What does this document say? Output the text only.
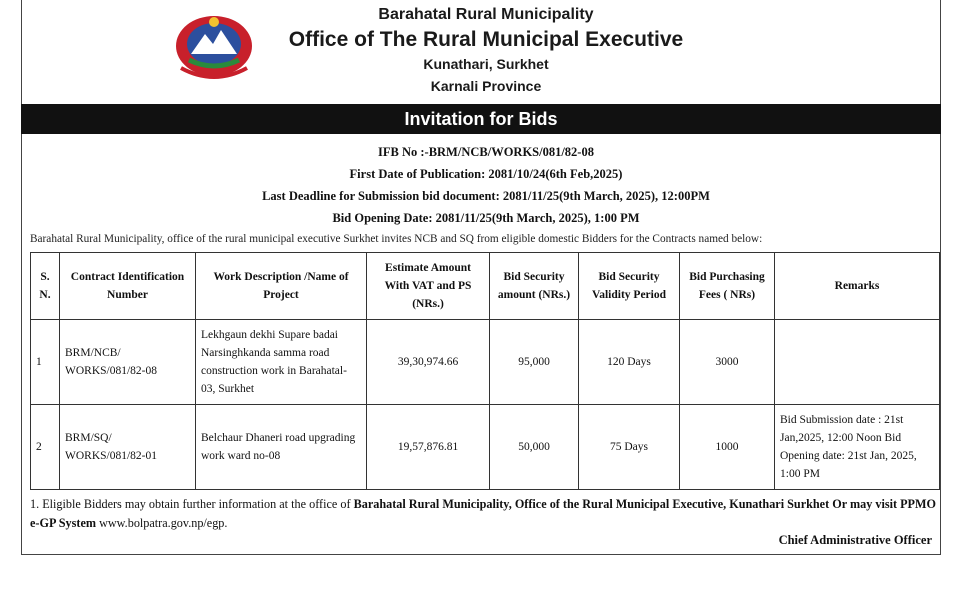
Barahatal Rural Municipality
Office of The Rural Municipal Executive
Kunathari, Surkhet
Karnali Province
Invitation for Bids
IFB No :-BRM/NCB/WORKS/081/82-08
First Date of Publication: 2081/10/24(6th Feb,2025)
Last Deadline for Submission bid document: 2081/11/25(9th March, 2025), 12:00PM
Bid Opening Date: 2081/11/25(9th March, 2025), 1:00 PM
Barahatal Rural Municipality, office of the rural municipal executive Surkhet invites NCB and SQ from eligible domestic Bidders for the Contracts named below:
S. N.	Contract Identification Number	Work Description /Name of Project	Estimate Amount With VAT and PS (NRs.)	Bid Security amount (NRs.)	Bid Security Validity Period	Bid Purchasing Fees ( NRs)	Remarks
1	BRM/NCB/ WORKS/081/82-08	Lekhgaun dekhi Supare badai Narsinghkanda samma road construction work in Barahatal-03, Surkhet	39,30,974.66	95,000	120 Days	3000	
2	BRM/SQ/ WORKS/081/82-01	Belchaur Dhaneri road upgrading work ward no-08	19,57,876.81	50,000	75 Days	1000	Bid Submission date : 21st Jan,2025, 12:00 Noon Bid Opening date: 21st Jan, 2025, 1:00 PM
1. Eligible Bidders may obtain further information at the office of Barahatal Rural Municipality, Office of the Rural Municipal Executive, Kunathari Surkhet Or may visit PPMO e-GP System www.bolpatra.gov.np/egp.
Chief Administrative Officer
